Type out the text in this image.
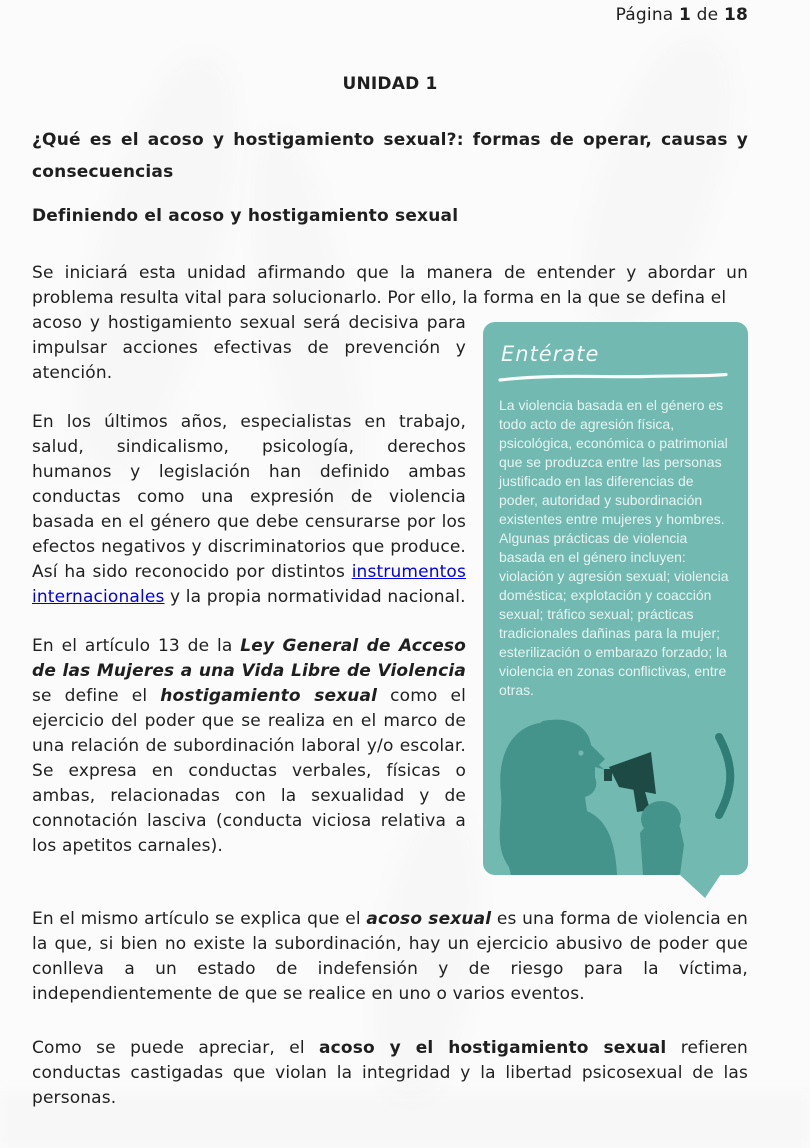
Página 1 de 18
UNIDAD 1
¿Qué es el acoso y hostigamiento sexual?: formas de operar, causas y consecuencias
Definiendo el acoso y hostigamiento sexual

Se iniciará esta unidad afirmando que la manera de entender y abordar un problema resulta vital para solucionarlo. Por ello, la forma en la que se defina el

acoso y hostigamiento sexual será decisiva para impulsar acciones efectivas de prevención y atención.

En los últimos años, especialistas en trabajo, salud, sindicalismo, psicología, derechos humanos y legislación han definido ambas conductas como una expresión de violencia basada en el género que debe censurarse por los efectos negativos y discriminatorios que produce. Así ha sido reconocido por distintos instrumentos internacionales y la propia normatividad nacional.

En el artículo 13 de la Ley General de Acceso de las Mujeres a una Vida Libre de Violencia se define el hostigamiento sexual como el ejercicio del poder que se realiza en el marco de una relación de subordinación laboral y/o escolar. Se expresa en conductas verbales, físicas o ambas, relacionadas con la sexualidad y de connotación lasciva (conducta viciosa relativa a los apetitos carnales).

En el mismo artículo se explica que el acoso sexual es una forma de violencia en la que, si bien no existe la subordinación, hay un ejercicio abusivo de poder que conlleva a un estado de indefensión y de riesgo para la víctima, independientemente de que se realice en uno o varios eventos.

Como se puede apreciar, el acoso y el hostigamiento sexual refieren conductas castigadas que violan la integridad y la libertad psicosexual de las personas.

Entérate

La violencia basada en el género es todo acto de agresión física, psicológica, económica o patrimonial que se produzca entre las personas justificado en las diferencias de poder, autoridad y subordinación existentes entre mujeres y hombres. Algunas prácticas de violencia basada en el género incluyen: violación y agresión sexual; violencia doméstica; explotación y coacción sexual; tráfico sexual; prácticas tradicionales dañinas para la mujer; esterilización o embarazo forzado; la violencia en zonas conflictivas, entre otras.
